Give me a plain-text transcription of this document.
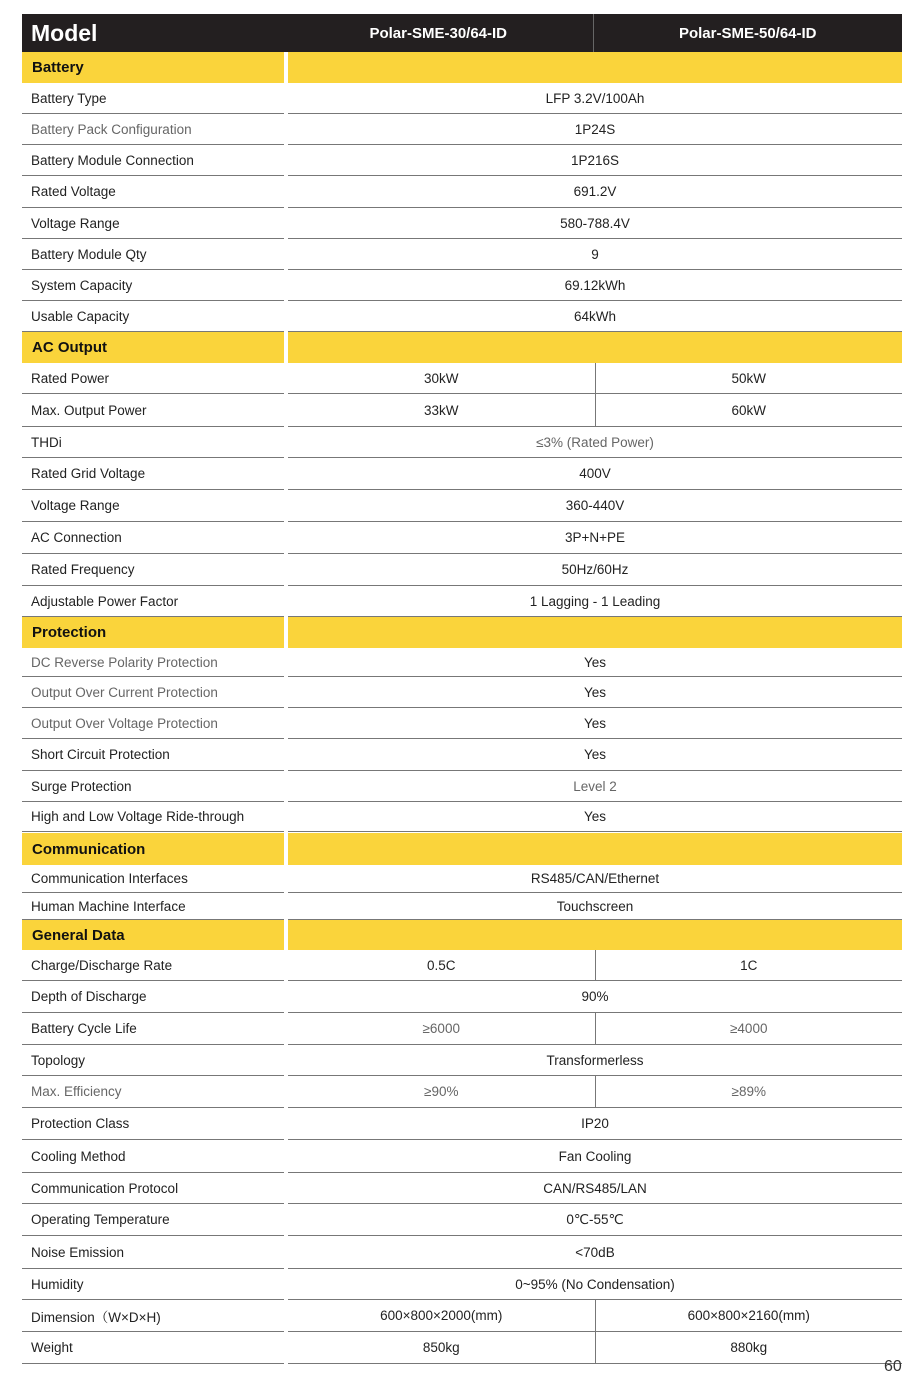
Model	Polar-SME-30/64-ID	Polar-SME-50/64-ID
Battery
Battery Type	LFP 3.2V/100Ah
Battery Pack Configuration	1P24S
Battery Module Connection	1P216S
Rated Voltage	691.2V
Voltage Range	580-788.4V
Battery Module Qty	9
System Capacity	69.12kWh
Usable Capacity	64kWh
AC Output
Rated Power	30kW	50kW
Max. Output Power	33kW	60kW
THDi	≤3% (Rated Power)
Rated Grid Voltage	400V
Voltage Range	360-440V
AC Connection	3P+N+PE
Rated Frequency	50Hz/60Hz
Adjustable Power Factor	1 Lagging - 1 Leading
Protection
DC Reverse Polarity Protection	Yes
Output Over Current Protection	Yes
Output Over Voltage Protection	Yes
Short Circuit Protection	Yes
Surge Protection	Level 2
High and Low Voltage Ride-through	Yes
Communication
Communication Interfaces	RS485/CAN/Ethernet
Human Machine Interface	Touchscreen
General Data
Charge/Discharge Rate	0.5C	1C
Depth of Discharge	90%
Battery Cycle Life	≥6000	≥4000
Topology	Transformerless
Max. Efficiency	≥90%	≥89%
Protection Class	IP20
Cooling Method	Fan Cooling
Communication Protocol	CAN/RS485/LAN
Operating Temperature	0℃-55℃
Noise Emission	<70dB
Humidity	0~95% (No Condensation)
Dimension（W×D×H)	600×800×2000(mm)	600×800×2160(mm)
Weight	850kg	880kg
60
